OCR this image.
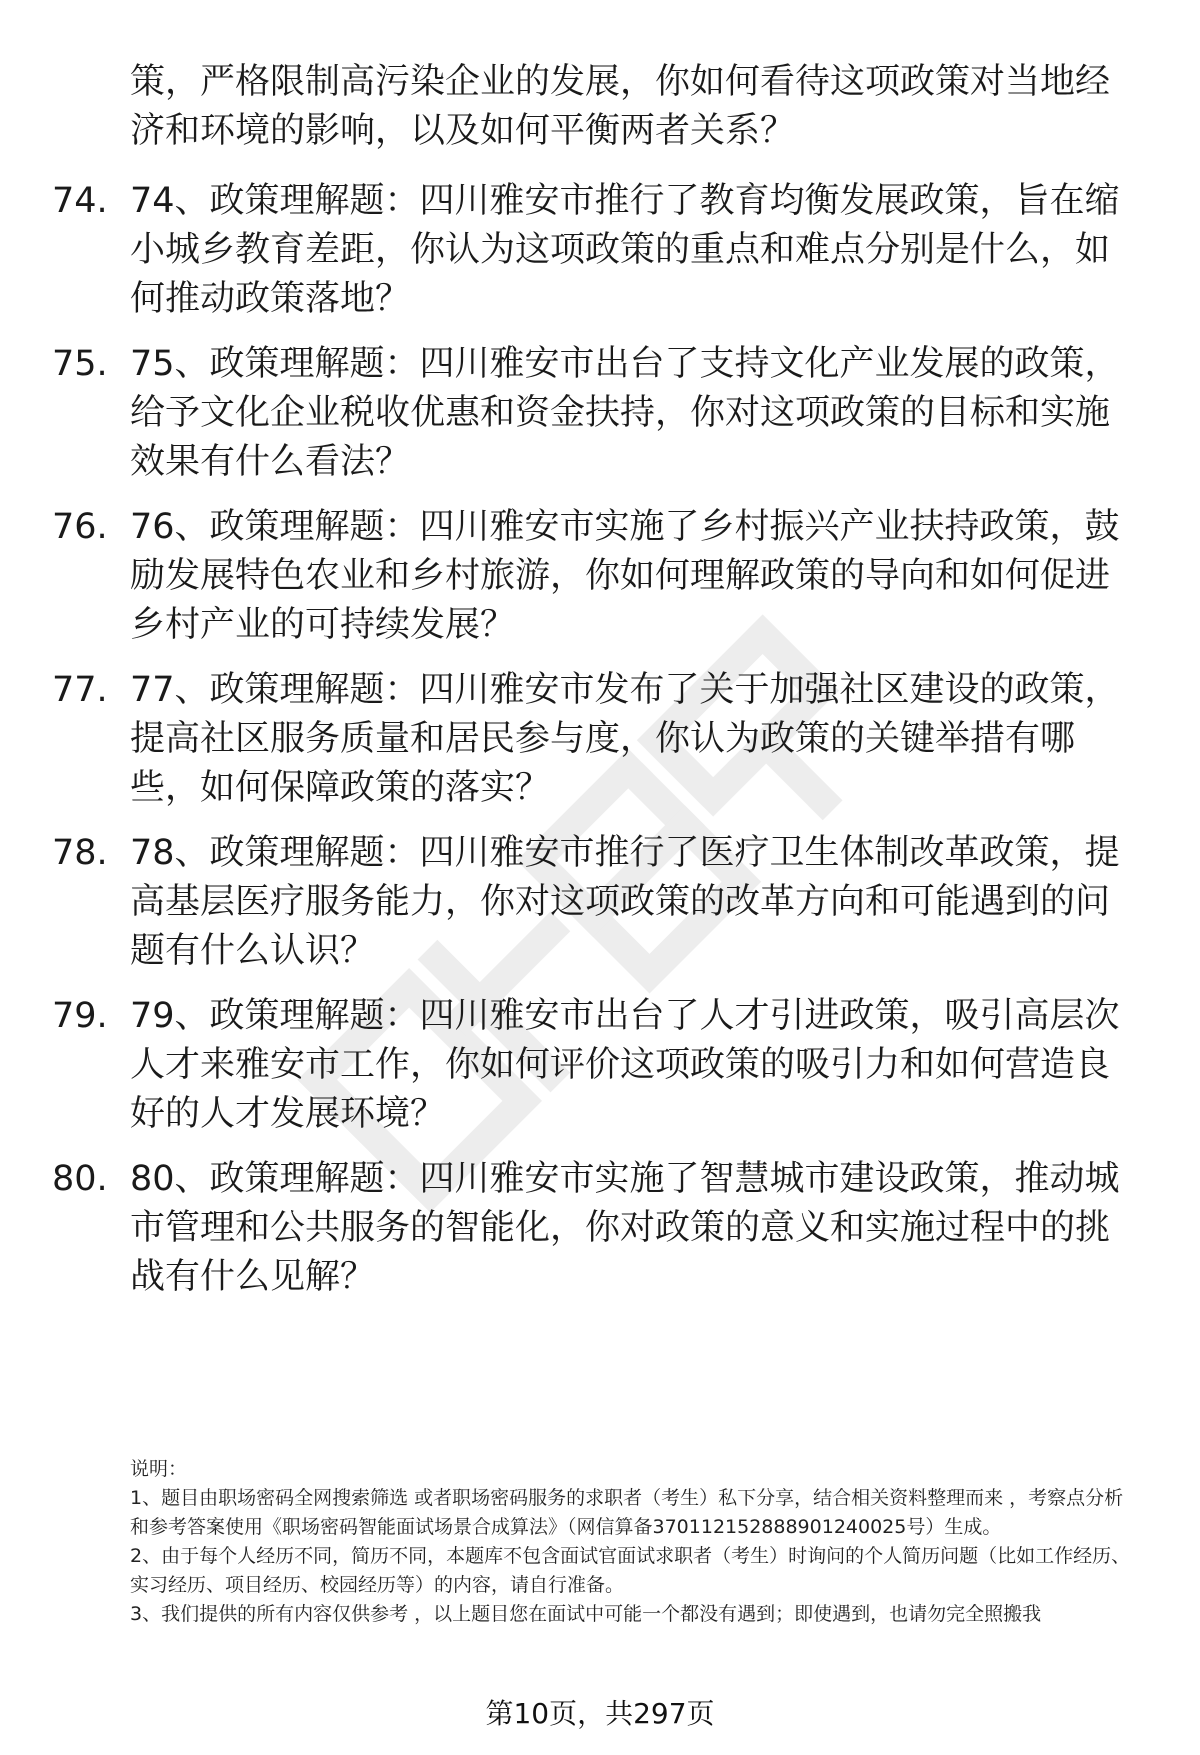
策，严格限制高污染企业的发展，你如何看待这项政策对当地经济和环境的影响，以及如何平衡两者关系？
74. 74、政策理解题：四川雅安市推行了教育均衡发展政策，旨在缩小城乡教育差距，你认为这项政策的重点和难点分别是什么，如何推动政策落地？
75. 75、政策理解题：四川雅安市出台了支持文化产业发展的政策，给予文化企业税收优惠和资金扶持，你对这项政策的目标和实施效果有什么看法？
76. 76、政策理解题：四川雅安市实施了乡村振兴产业扶持政策，鼓励发展特色农业和乡村旅游，你如何理解政策的导向和如何促进乡村产业的可持续发展？
77. 77、政策理解题：四川雅安市发布了关于加强社区建设的政策，提高社区服务质量和居民参与度，你认为政策的关键举措有哪些，如何保障政策的落实？
78. 78、政策理解题：四川雅安市推行了医疗卫生体制改革政策，提高基层医疗服务能力，你对这项政策的改革方向和可能遇到的问题有什么认识？
79. 79、政策理解题：四川雅安市出台了人才引进政策，吸引高层次人才来雅安市工作，你如何评价这项政策的吸引力和如何营造良好的人才发展环境？
80. 80、政策理解题：四川雅安市实施了智慧城市建设政策，推动城市管理和公共服务的智能化，你对政策的意义和实施过程中的挑战有什么见解？

说明：

1、题目由职场密码全网搜索筛选 或者职场密码服务的求职者（考生）私下分享，结合相关资料整理而来 ，考察点分析和参考答案使用《职场密码智能面试场景合成算法》（网信算备370112152888901240025号）生成。

2、由于每个人经历不同，简历不同，本题库不包含面试官面试求职者（考生）时询问的个人简历问题（比如工作经历、实习经历、项目经历、校园经历等）的内容，请自行准备。

3、我们提供的所有内容仅供参考 ，以上题目您在面试中可能一个都没有遇到；即使遇到，也请勿完全照搬我

第10页，共297页
